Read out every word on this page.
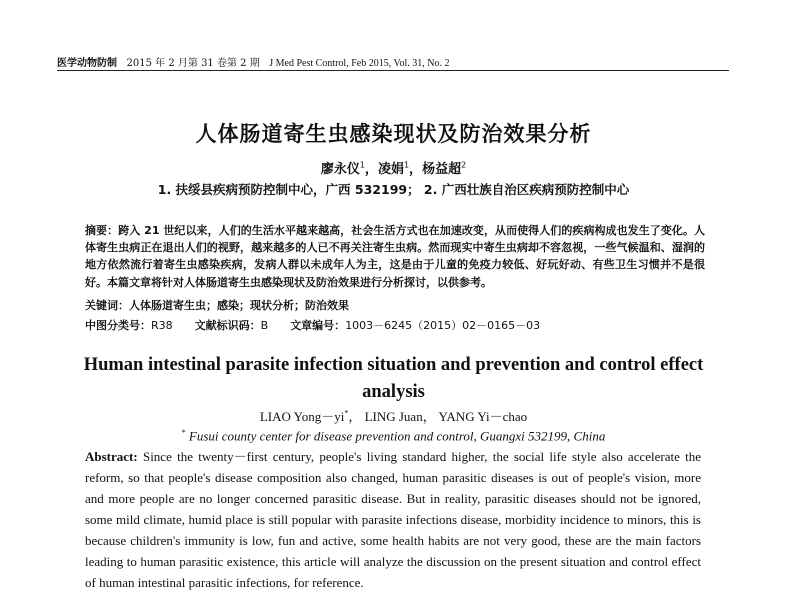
医学动物防制 2015 年 2 月第 31 卷第 2 期 J Med Pest Control, Feb 2015, Vol. 31, No. 2
人体肠道寄生虫感染现状及防治效果分析
廖永仪$^1$，凌娟$^1$，杨益超$^2$
1. 扶绥县疾病预防控制中心，广西 532199； 2. 广西壮族自治区疾病预防控制中心
摘要：跨入 21 世纪以来，人们的生活水平越来越高，社会生活方式也在加速改变，从而使得人们的疾病构成也发生了变化。人体寄生虫病正在退出人们的视野，越来越多的人已不再关注寄生虫病。然而现实中寄生虫病却不容忽视，一些气候温和、湿润的地方依然流行着寄生虫感染疾病，发病人群以未成年人为主，这是由于儿童的免疫力较低、好玩好动、有些卫生习惯并不是很好。本篇文章将针对人体肠道寄生虫感染现状及防治效果进行分析探讨，以供参考。
关键词：人体肠道寄生虫；感染；现状分析；防治效果
中图分类号：R38 文献标识码：B 文章编号：1003－6245（2015）02－0165－03
Human intestinal parasite infection situation and prevention and control effect analysis
LIAO Yong－yi*， LING Juan， YANG Yi－chao
* Fusui county center for disease prevention and control, Guangxi 532199, China
Abstract: Since the twenty－first century, people's living standard higher, the social life style also accelerate the reform, so that people's disease composition also changed, human parasitic diseases is out of people's vision, more and more people are no longer concerned parasitic disease. But in reality, parasitic diseases should not be ignored, some mild climate, humid place is still popular with parasite infections disease, morbidity incidence to minors, this is because children's immunity is low, fun and active, some health habits are not very good, these are the main factors leading to human parasitic existence, this article will analyze the discussion on the present situation and control effect of human intestinal parasitic infections, for reference.
